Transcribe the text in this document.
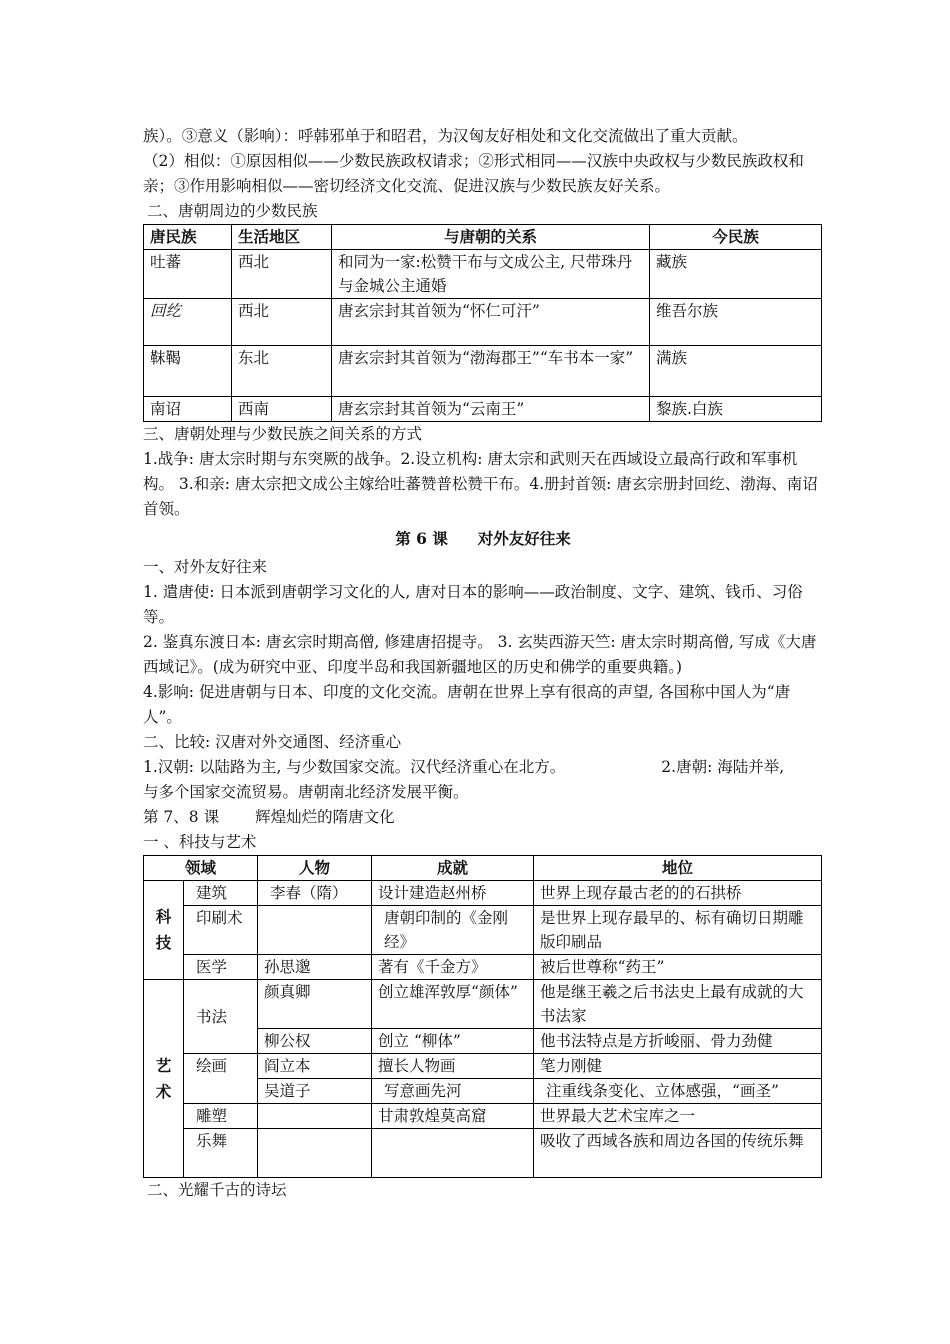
族）。③意义（影响）：呼韩邪单于和昭君，为汉匈友好相处和文化交流做出了重大贡献。

（2）相似：①原因相似——少数民族政权请求；②形式相同——汉族中央政权与少数民族政权和亲；③作用影响相似——密切经济文化交流、促进汉族与少数民族友好关系。

二、唐朝周边的少数民族

唐民族	生活地区	与唐朝的关系	今民族
吐蕃	西北	和同为一家:松赞干布与文成公主, 尺带珠丹与金城公主通婚	藏族
回纥	西北	唐玄宗封其首领为“怀仁可汗”	维吾尔族
靺鞨	东北	唐玄宗封其首领为“渤海郡王”“车书本一家”	满族
南诏	西南	唐玄宗封其首领为“云南王”	黎族.白族

三、唐朝处理与少数民族之间关系的方式

1.战争: 唐太宗时期与东突厥的战争。2.设立机构: 唐太宗和武则天在西域设立最高行政和军事机构。 3.和亲: 唐太宗把文成公主嫁给吐蕃赞普松赞干布。4.册封首领: 唐玄宗册封回纥、渤海、南诏首领。

第 6 课 对外友好往来

一、对外友好往来

1. 遣唐使: 日本派到唐朝学习文化的人, 唐对日本的影响——政治制度、文字、建筑、钱币、习俗等。

2. 鉴真东渡日本: 唐玄宗时期高僧, 修建唐招提寺。 3. 玄奘西游天竺: 唐太宗时期高僧, 写成《大唐西域记》。(成为研究中亚、印度半岛和我国新疆地区的历史和佛学的重要典籍。)

4.影响: 促进唐朝与日本、印度的文化交流。唐朝在世界上享有很高的声望, 各国称中国人为“唐人”。

二、比较: 汉唐对外交通图、经济重心

1.汉朝: 以陆路为主, 与少数国家交流。汉代经济重心在北方。	2.唐朝: 海陆并举,

与多个国家交流贸易。唐朝南北经济发展平衡。

第 7、8 课 辉煌灿烂的隋唐文化

一 、科技与艺术

领域		人物	成就	地位

科
技	建筑	李春（隋）	设计建造赵州桥	世界上现存最古老的的石拱桥
	印刷术		唐朝印制的《金刚经》	是世界上现存最早的、标有确切日期雕版印刷品
	医学	孙思邈	著有《千金方》	被后世尊称“药王”

艺
术	书法	颜真卿	创立雄浑敦厚“颜体”	他是继王羲之后书法史上最有成就的大书法家
		柳公权	创立 “柳体”	他书法特点是方折峻丽、骨力劲健
	绘画	阎立本	擅长人物画	笔力刚健
		吴道子	写意画先河	注重线条变化、立体感强，“画圣”
	雕塑		甘肃敦煌莫高窟	世界最大艺术宝库之一
	乐舞			吸收了西域各族和周边各国的传统乐舞

二、光耀千古的诗坛
